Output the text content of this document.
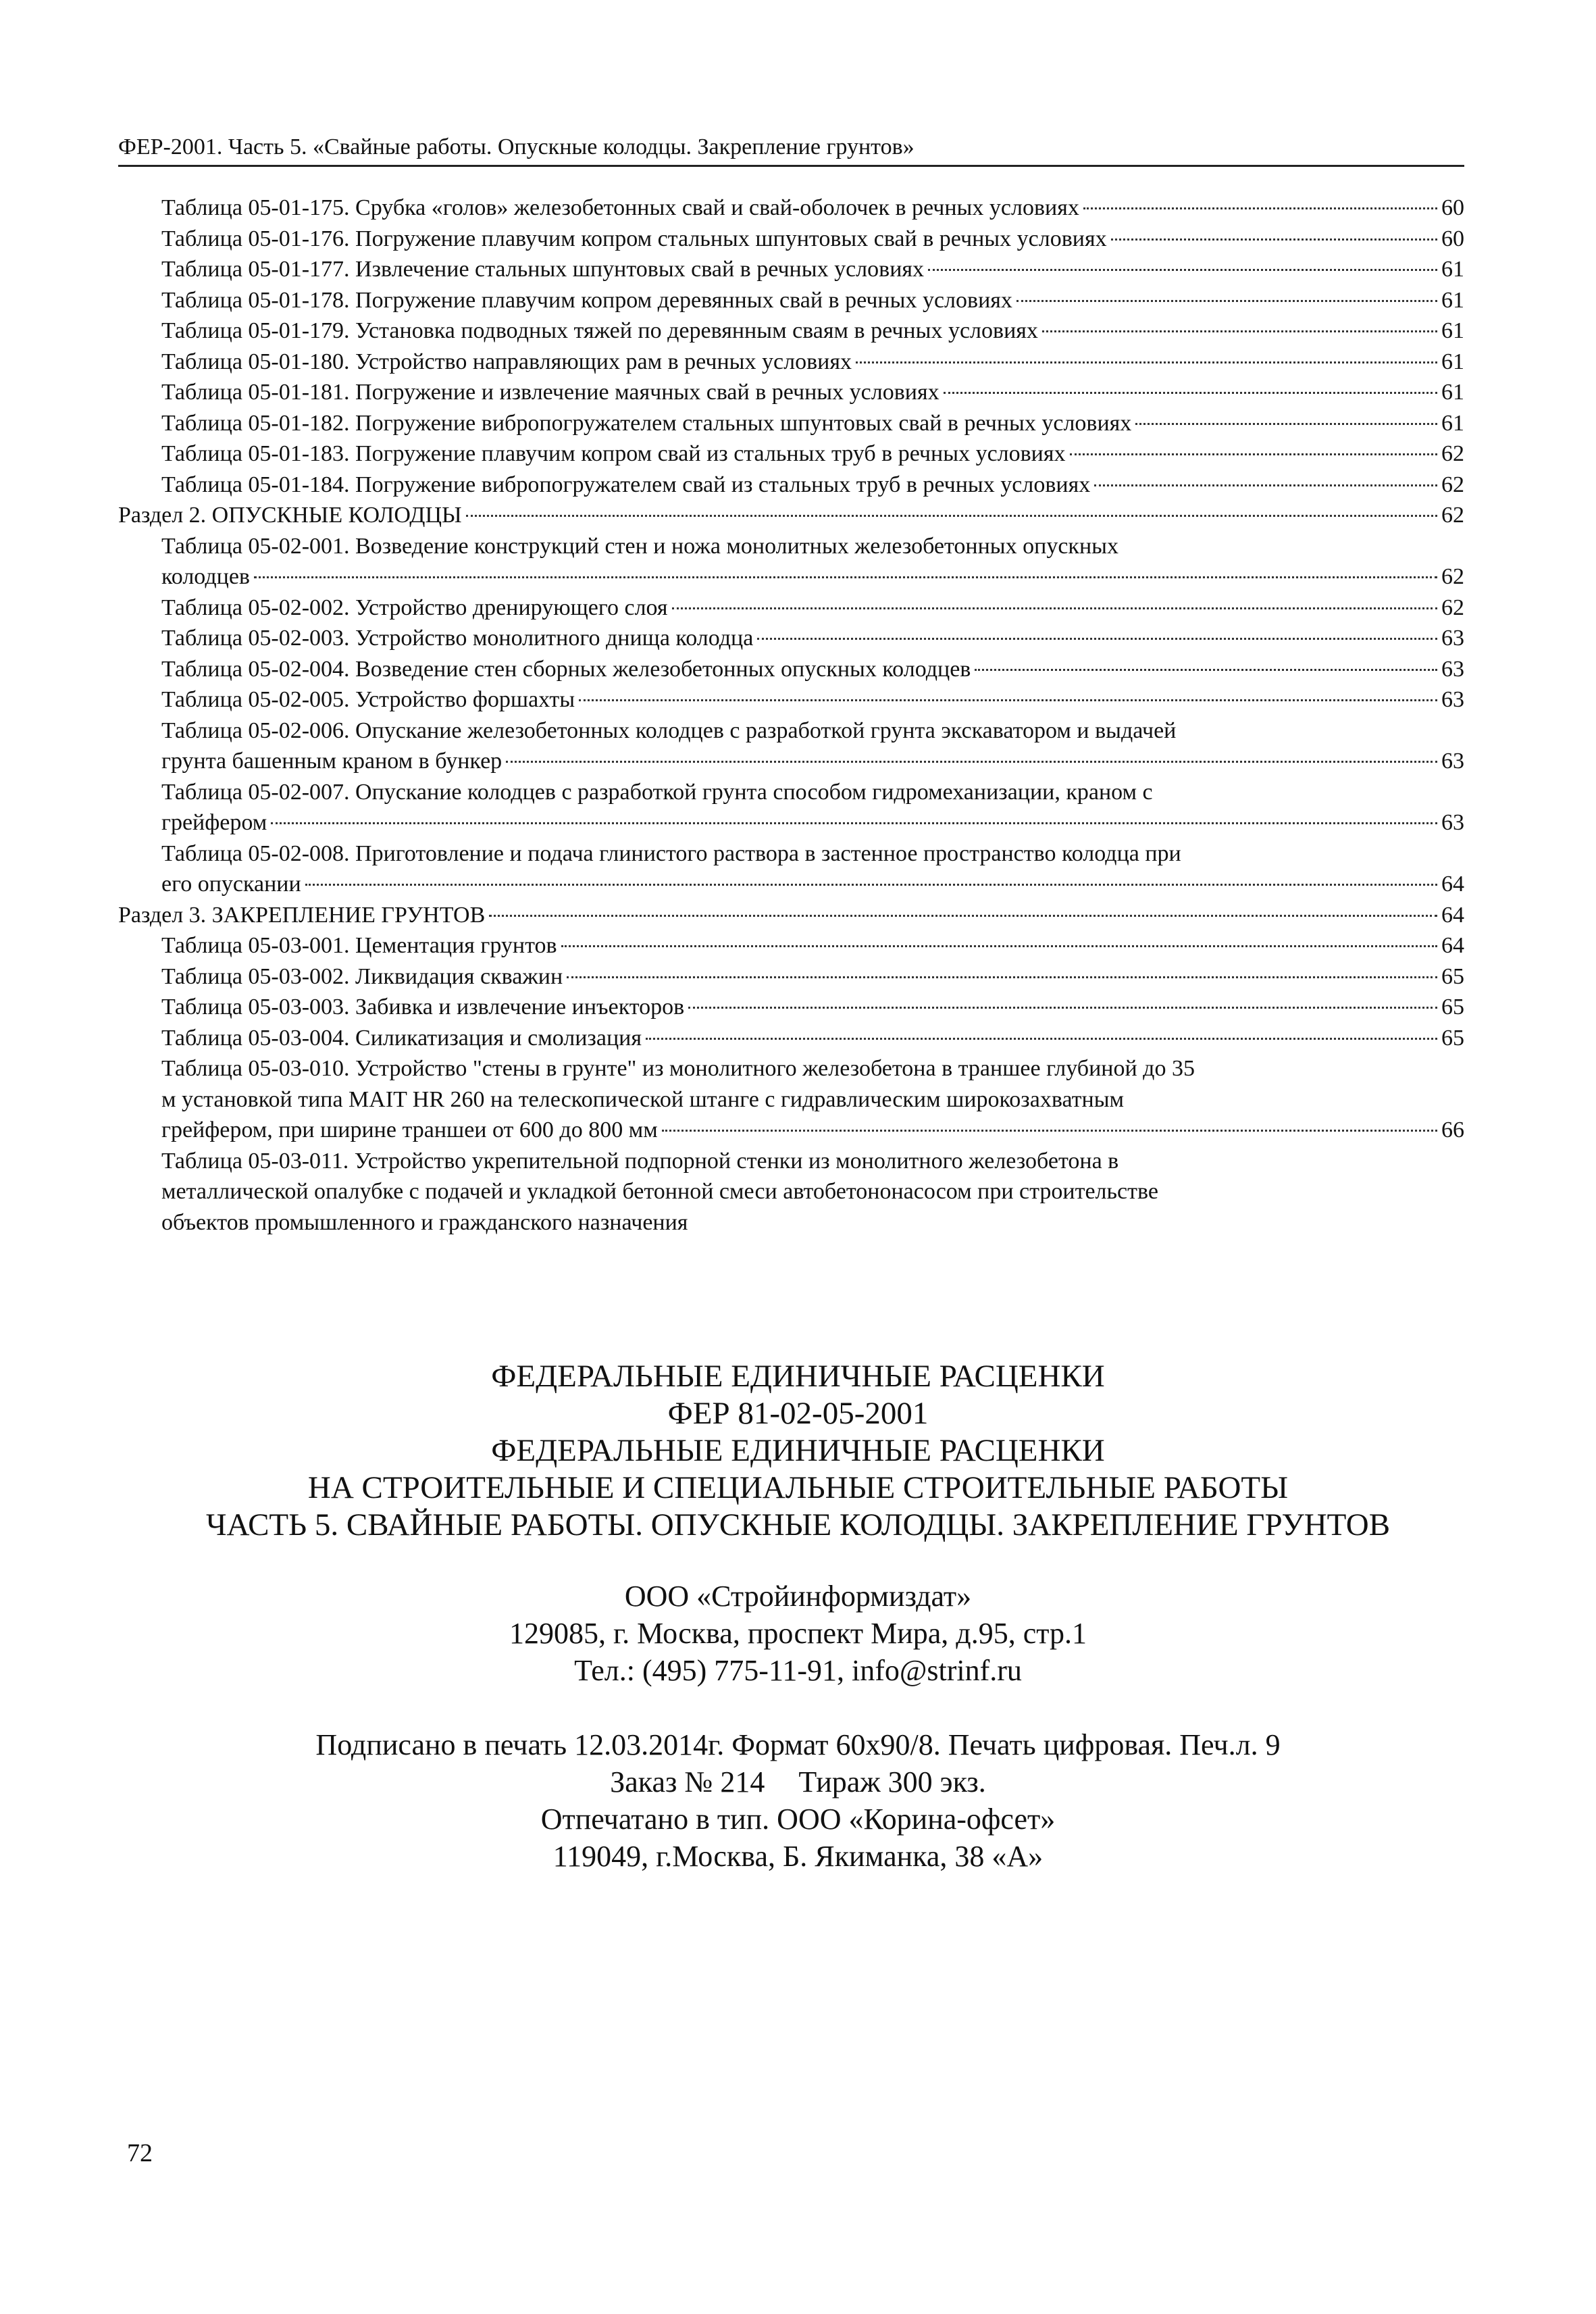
ФЕР-2001. Часть 5. «Свайные работы. Опускные колодцы. Закрепление грунтов»
Таблица 05-01-175. Срубка «голов» железобетонных свай и свай-оболочек в речных условиях	60
Таблица 05-01-176. Погружение плавучим копром стальных шпунтовых свай в речных условиях	60
Таблица 05-01-177. Извлечение стальных шпунтовых свай в речных условиях	61
Таблица 05-01-178. Погружение плавучим копром деревянных свай в речных условиях	61
Таблица 05-01-179. Установка подводных тяжей по деревянным сваям в речных условиях	61
Таблица 05-01-180. Устройство направляющих рам в речных условиях	61
Таблица 05-01-181. Погружение и извлечение маячных свай в речных условиях	61
Таблица 05-01-182. Погружение вибропогружателем стальных шпунтовых свай в речных условиях	61
Таблица 05-01-183. Погружение плавучим копром свай из стальных труб в речных условиях	62
Таблица 05-01-184. Погружение вибропогружателем свай из стальных труб в речных условиях	62
Раздел 2. ОПУСКНЫЕ КОЛОДЦЫ	62
Таблица 05-02-001. Возведение конструкций стен и ножа монолитных железобетонных опускных
колодцев	62
Таблица 05-02-002. Устройство дренирующего слоя	62
Таблица 05-02-003. Устройство монолитного днища колодца	63
Таблица 05-02-004. Возведение стен сборных железобетонных опускных колодцев	63
Таблица 05-02-005. Устройство форшахты	63
Таблица 05-02-006. Опускание железобетонных колодцев с разработкой грунта экскаватором и выдачей
грунта башенным краном в бункер	63
Таблица 05-02-007. Опускание колодцев с разработкой грунта способом гидромеханизации, краном с
грейфером	63
Таблица 05-02-008. Приготовление и подача глинистого раствора в застенное пространство колодца при
его опускании	64
Раздел 3. ЗАКРЕПЛЕНИЕ ГРУНТОВ	64
Таблица 05-03-001. Цементация грунтов	64
Таблица 05-03-002. Ликвидация скважин	65
Таблица 05-03-003. Забивка и извлечение инъекторов	65
Таблица 05-03-004. Силикатизация и смолизация	65
Таблица 05-03-010. Устройство "стены в грунте" из монолитного железобетона в траншее глубиной до 35
м установкой типа MAIT HR 260 на телескопической штанге с гидравлическим широкозахватным
грейфером, при ширине траншеи от 600 до 800 мм	66
Таблица 05-03-011. Устройство укрепительной подпорной стенки из монолитного железобетона в
металлической опалубке с подачей и укладкой бетонной смеси автобетононасосом при строительстве
объектов промышленного и гражданского назначения
ФЕДЕРАЛЬНЫЕ ЕДИНИЧНЫЕ РАСЦЕНКИ
ФЕР 81-02-05-2001
ФЕДЕРАЛЬНЫЕ ЕДИНИЧНЫЕ РАСЦЕНКИ
НА СТРОИТЕЛЬНЫЕ И СПЕЦИАЛЬНЫЕ СТРОИТЕЛЬНЫЕ РАБОТЫ
ЧАСТЬ 5. СВАЙНЫЕ РАБОТЫ. ОПУСКНЫЕ КОЛОДЦЫ. ЗАКРЕПЛЕНИЕ ГРУНТОВ
ООО «Стройинформиздат»
129085, г. Москва, проспект Мира, д.95, стр.1
Тел.: (495) 775-11-91, info@strinf.ru
Подписано в печать 12.03.2014г. Формат 60х90/8. Печать цифровая. Печ.л. 9
Заказ № 214 Тираж 300 экз.
Отпечатано в тип. ООО «Корина-офсет»
119049, г.Москва, Б. Якиманка, 38 «А»
72
